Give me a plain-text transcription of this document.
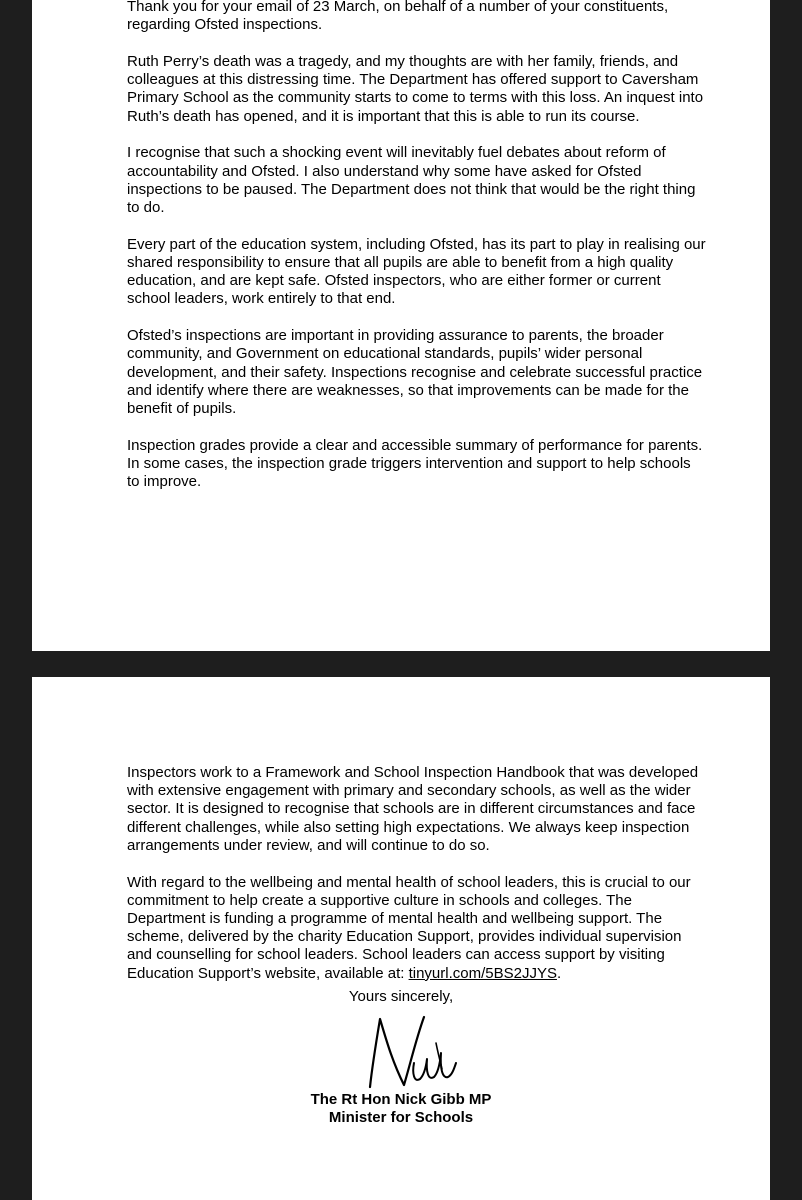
Thank you for your email of 23 March, on behalf of a number of your constituents, regarding Ofsted inspections.

Ruth Perry’s death was a tragedy, and my thoughts are with her family, friends, and colleagues at this distressing time. The Department has offered support to Caversham Primary School as the community starts to come to terms with this loss. An inquest into Ruth’s death has opened, and it is important that this is able to run its course.

I recognise that such a shocking event will inevitably fuel debates about reform of accountability and Ofsted. I also understand why some have asked for Ofsted inspections to be paused. The Department does not think that would be the right thing to do.

Every part of the education system, including Ofsted, has its part to play in realising our shared responsibility to ensure that all pupils are able to benefit from a high quality education, and are kept safe. Ofsted inspectors, who are either former or current school leaders, work entirely to that end.

Ofsted’s inspections are important in providing assurance to parents, the broader community, and Government on educational standards, pupils’ wider personal development, and their safety. Inspections recognise and celebrate successful practice and identify where there are weaknesses, so that improvements can be made for the benefit of pupils.

Inspection grades provide a clear and accessible summary of performance for parents. In some cases, the inspection grade triggers intervention and support to help schools to improve.

Inspectors work to a Framework and School Inspection Handbook that was developed with extensive engagement with primary and secondary schools, as well as the wider sector. It is designed to recognise that schools are in different circumstances and face different challenges, while also setting high expectations. We always keep inspection arrangements under review, and will continue to do so.

With regard to the wellbeing and mental health of school leaders, this is crucial to our commitment to help create a supportive culture in schools and colleges. The Department is funding a programme of mental health and wellbeing support. The scheme, delivered by the charity Education Support, provides individual supervision and counselling for school leaders. School leaders can access support by visiting Education Support’s website, available at: tinyurl.com/5BS2JJYS.

Yours sincerely,
The Rt Hon Nick Gibb MP
Minister for Schools
